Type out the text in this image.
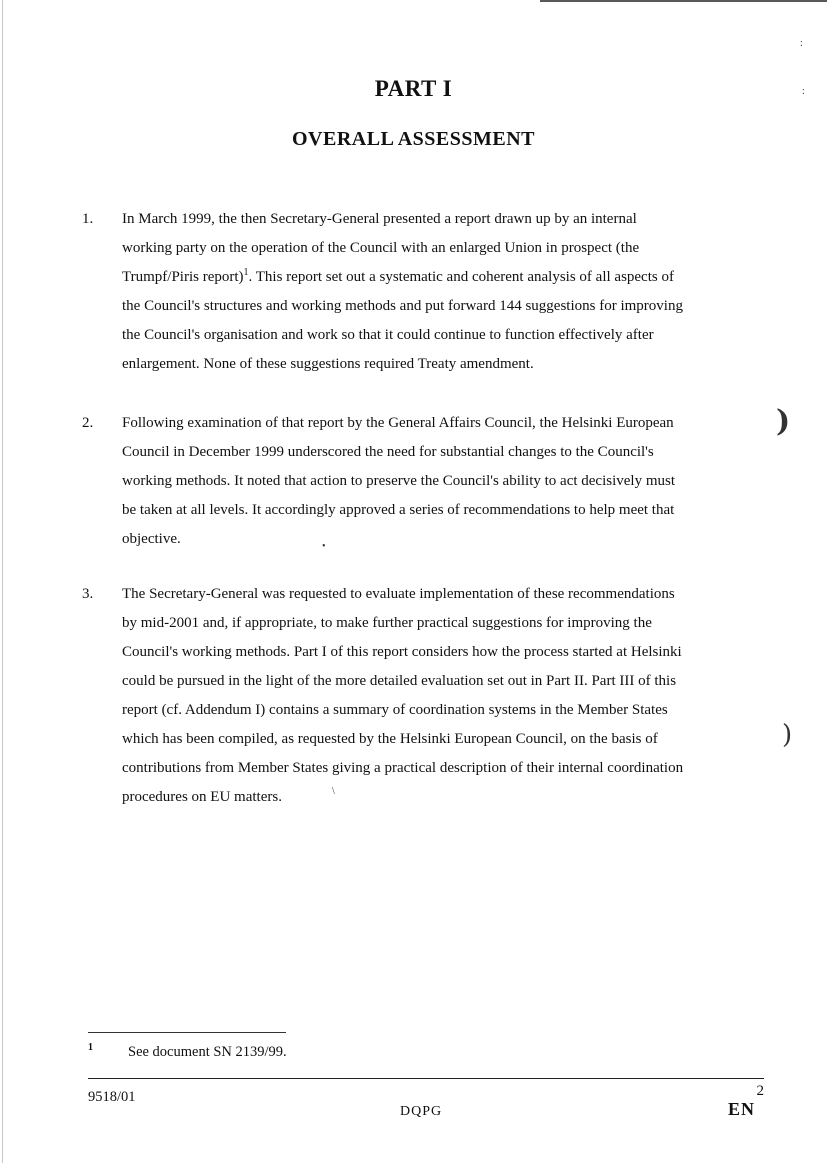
PART I
OVERALL ASSESSMENT
1. In March 1999, the then Secretary-General presented a report drawn up by an internal
working party on the operation of the Council with an enlarged Union in prospect (the
Trumpf/Piris report)$^1$. This report set out a systematic and coherent analysis of all aspects of
the Council's structures and working methods and put forward 144 suggestions for improving
the Council's organisation and work so that it could continue to function effectively after
enlargement. None of these suggestions required Treaty amendment.

2. Following examination of that report by the General Affairs Council, the Helsinki European
Council in December 1999 underscored the need for substantial changes to the Council's
working methods. It noted that action to preserve the Council's ability to act decisively must
be taken at all levels. It accordingly approved a series of recommendations to help meet that
objective.

3. The Secretary-General was requested to evaluate implementation of these recommendations
by mid-2001 and, if appropriate, to make further practical suggestions for improving the
Council's working methods. Part I of this report considers how the process started at Helsinki
could be pursued in the light of the more detailed evaluation set out in Part II. Part III of this
report (cf. Addendum I) contains a summary of coordination systems in the Member States
which has been compiled, as requested by the Helsinki European Council, on the basis of
contributions from Member States giving a practical description of their internal coordination
procedures on EU matters.

)
)
:
:
•
\
1 See document SN 2139/99.
9518/01	2
DQPG	EN
